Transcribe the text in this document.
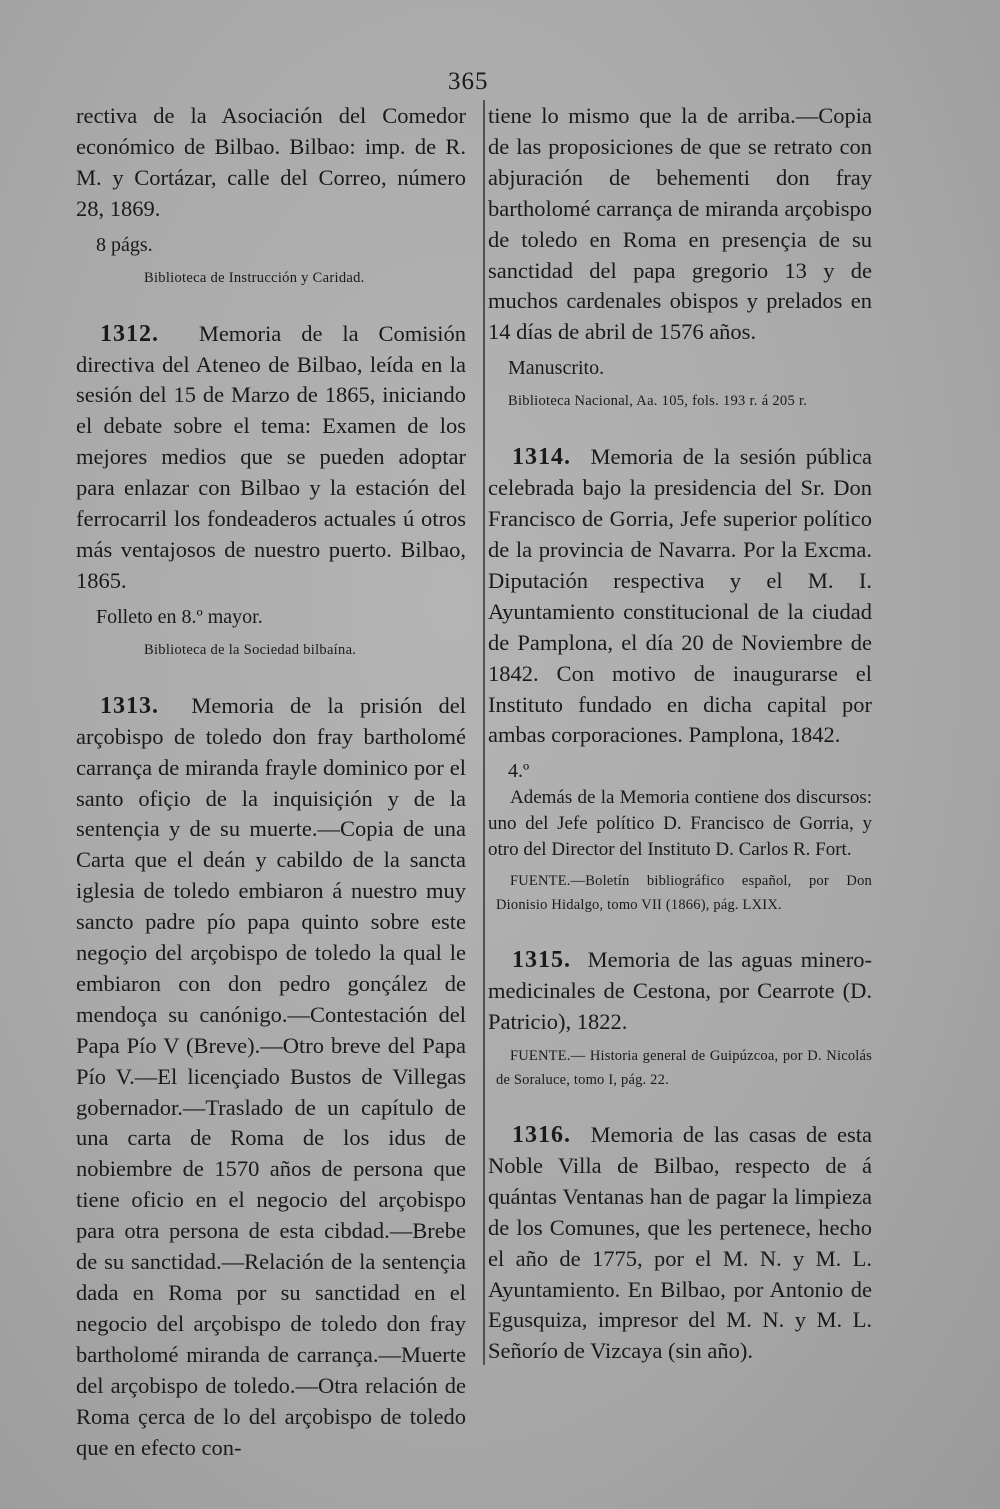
365

rectiva de la Asociación del Comedor económico de Bilbao. Bilbao: imp. de R. M. y Cortázar, calle del Correo, número 28, 1869.

8 págs.

Biblioteca de Instrucción y Caridad.

1312. Memoria de la Comisión directiva del Ateneo de Bilbao, leída en la sesión del 15 de Marzo de 1865, iniciando el debate sobre el tema: Examen de los mejores medios que se pueden adoptar para enlazar con Bilbao y la estación del ferrocarril los fondeaderos actuales ú otros más ventajosos de nuestro puerto. Bilbao, 1865.

Folleto en 8.º mayor.

Biblioteca de la Sociedad bilbaína.

1313. Memoria de la prisión del arçobispo de toledo don fray bartholomé carrança de miranda frayle dominico por el santo ofiçio de la inquisiçión y de la sentençia y de su muerte.—Copia de una Carta que el deán y cabildo de la sancta iglesia de toledo embiaron á nuestro muy sancto padre pío papa quinto sobre este negoçio del arçobispo de toledo la qual le embiaron con don pedro gonçález de mendoça su canónigo.—Contestación del Papa Pío V (Breve).—Otro breve del Papa Pío V.—El licençiado Bustos de Villegas gobernador.—Traslado de un capítulo de una carta de Roma de los idus de nobiembre de 1570 años de persona que tiene oficio en el negocio del arçobispo para otra persona de esta cibdad.—Brebe de su sanctidad.—Relación de la sentençia dada en Roma por su sanctidad en el negocio del arçobispo de toledo don fray bartholomé miranda de carrança.—Muerte del arçobispo de toledo.—Otra relación de Roma çerca de lo del arçobispo de toledo que en efecto con-

tiene lo mismo que la de arriba.—Copia de las proposiciones de que se retrato con abjuración de behementi don fray bartholomé carrança de miranda arçobispo de toledo en Roma en presençia de su sanctidad del papa gregorio 13 y de muchos cardenales obispos y prelados en 14 días de abril de 1576 años.

Manuscrito.

Biblioteca Nacional, Aa. 105, fols. 193 r. á 205 r.

1314. Memoria de la sesión pública celebrada bajo la presidencia del Sr. Don Francisco de Gorria, Jefe superior político de la provincia de Navarra. Por la Excma. Diputación respectiva y el M. I. Ayuntamiento constitucional de la ciudad de Pamplona, el día 20 de Noviembre de 1842. Con motivo de inaugurarse el Instituto fundado en dicha capital por ambas corporaciones. Pamplona, 1842.

4.º

Además de la Memoria contiene dos discursos: uno del Jefe político D. Francisco de Gorria, y otro del Director del Instituto D. Carlos R. Fort.

FUENTE.—Boletín bibliográfico español, por Don Dionisio Hidalgo, tomo VII (1866), pág. LXIX.

1315. Memoria de las aguas minero-medicinales de Cestona, por Cearrote (D. Patricio), 1822.

FUENTE.— Historia general de Guipúzcoa, por D. Nicolás de Soraluce, tomo I, pág. 22.

1316. Memoria de las casas de esta Noble Villa de Bilbao, respecto de á quántas Ventanas han de pagar la limpieza de los Comunes, que les pertenece, hecho el año de 1775, por el M. N. y M. L. Ayuntamiento. En Bilbao, por Antonio de Egusquiza, impresor del M. N. y M. L. Señorío de Vizcaya (sin año).
